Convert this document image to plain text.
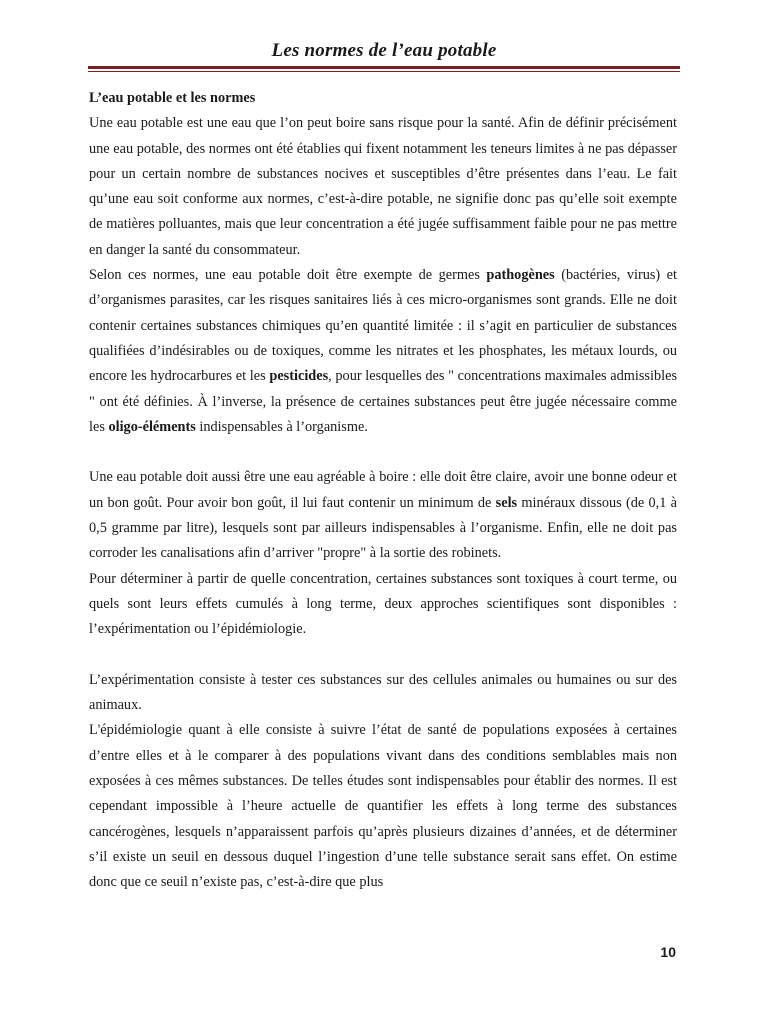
Les normes de l’eau potable

L’eau potable et les normes

Une eau potable est une eau que l’on peut boire sans risque pour la santé. Afin de définir précisément une eau potable, des normes ont été établies qui fixent notamment les teneurs limites à ne pas dépasser pour un certain nombre de substances nocives et susceptibles d’être présentes dans l’eau. Le fait qu’une eau soit conforme aux normes, c’est-à-dire potable, ne signifie donc pas qu’elle soit exempte de matières polluantes, mais que leur concentration a été jugée suffisamment faible pour ne pas mettre en danger la santé du consommateur.

Selon ces normes, une eau potable doit être exempte de germes pathogènes (bactéries, virus) et d’organismes parasites, car les risques sanitaires liés à ces micro-organismes sont grands. Elle ne doit contenir certaines substances chimiques qu’en quantité limitée : il s’agit en particulier de substances qualifiées d’indésirables ou de toxiques, comme les nitrates et les phosphates, les métaux lourds, ou encore les hydrocarbures et les pesticides, pour lesquelles des " concentrations maximales admissibles " ont été définies. À l’inverse, la présence de certaines substances peut être jugée nécessaire comme les oligo-éléments indispensables à l’organisme.

Une eau potable doit aussi être une eau agréable à boire : elle doit être claire, avoir une bonne odeur et un bon goût. Pour avoir bon goût, il lui faut contenir un minimum de sels minéraux dissous (de 0,1 à 0,5 gramme par litre), lesquels sont par ailleurs indispensables à l’organisme. Enfin, elle ne doit pas corroder les canalisations afin d’arriver "propre" à la sortie des robinets.

Pour déterminer à partir de quelle concentration, certaines substances sont toxiques à court terme, ou quels sont leurs effets cumulés à long terme, deux approches scientifiques sont disponibles : l’expérimentation ou l’épidémiologie.

L’expérimentation consiste à tester ces substances sur des cellules animales ou humaines ou sur des animaux.

L'épidémiologie quant à elle consiste à suivre l’état de santé de populations exposées à certaines d’entre elles et à le comparer à des populations vivant dans des conditions semblables mais non exposées à ces mêmes substances. De telles études sont indispensables pour établir des normes. Il est cependant impossible à l’heure actuelle de quantifier les effets à long terme des substances cancérogènes, lesquels n’apparaissent parfois qu’après plusieurs dizaines d’années, et de déterminer s’il existe un seuil en dessous duquel l’ingestion d’une telle substance serait sans effet. On estime donc que ce seuil n’existe pas, c’est-à-dire que plus

10
